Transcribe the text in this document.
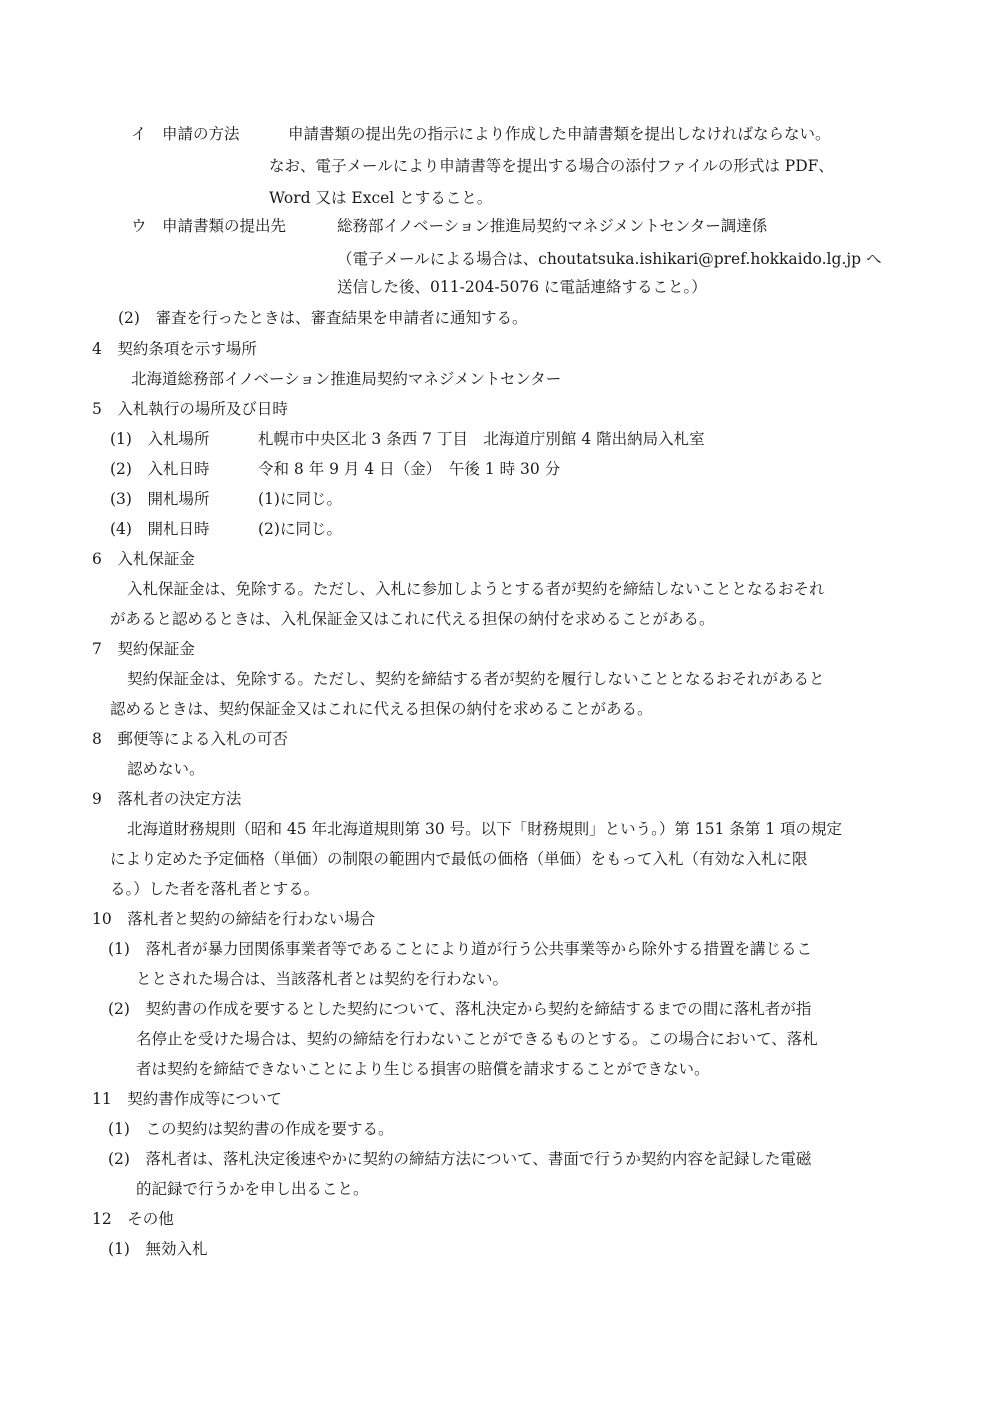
イ　申請の方法	申請書類の提出先の指示により作成した申請書類を提出しなければならない。
なお、電子メールにより申請書等を提出する場合の添付ファイルの形式は PDF、
Word 又は Excel とすること。
ウ　申請書類の提出先	総務部イノベーション推進局契約マネジメントセンター調達係
（電子メールによる場合は、choutatsuka.ishikari@pref.hokkaido.lg.jp へ
送信した後、011-204-5076 に電話連絡すること。）
(2)　審査を行ったときは、審査結果を申請者に通知する。
4　契約条項を示す場所
北海道総務部イノベーション推進局契約マネジメントセンター
5　入札執行の場所及び日時
(1)　入札場所	札幌市中央区北 3 条西 7 丁目　北海道庁別館 4 階出納局入札室
(2)　入札日時	令和 8 年 9 月 4 日（金）　午後 1 時 30 分
(3)　開札場所	(1)に同じ。
(4)　開札日時	(2)に同じ。
6　入札保証金
入札保証金は、免除する。ただし、入札に参加しようとする者が契約を締結しないこととなるおそれ
があると認めるときは、入札保証金又はこれに代える担保の納付を求めることがある。
7　契約保証金
契約保証金は、免除する。ただし、契約を締結する者が契約を履行しないこととなるおそれがあると
認めるときは、契約保証金又はこれに代える担保の納付を求めることがある。
8　郵便等による入札の可否
認めない。
9　落札者の決定方法
北海道財務規則（昭和 45 年北海道規則第 30 号。以下「財務規則」という。）第 151 条第 1 項の規定
により定めた予定価格（単価）の制限の範囲内で最低の価格（単価）をもって入札（有効な入札に限
る。）した者を落札者とする。
10　落札者と契約の締結を行わない場合
(1)　落札者が暴力団関係事業者等であることにより道が行う公共事業等から除外する措置を講じるこ
ととされた場合は、当該落札者とは契約を行わない。
(2)　契約書の作成を要するとした契約について、落札決定から契約を締結するまでの間に落札者が指
名停止を受けた場合は、契約の締結を行わないことができるものとする。この場合において、落札
者は契約を締結できないことにより生じる損害の賠償を請求することができない。
11　契約書作成等について
(1)　この契約は契約書の作成を要する。
(2)　落札者は、落札決定後速やかに契約の締結方法について、書面で行うか契約内容を記録した電磁
的記録で行うかを申し出ること。
12　その他
(1)　無効入札
